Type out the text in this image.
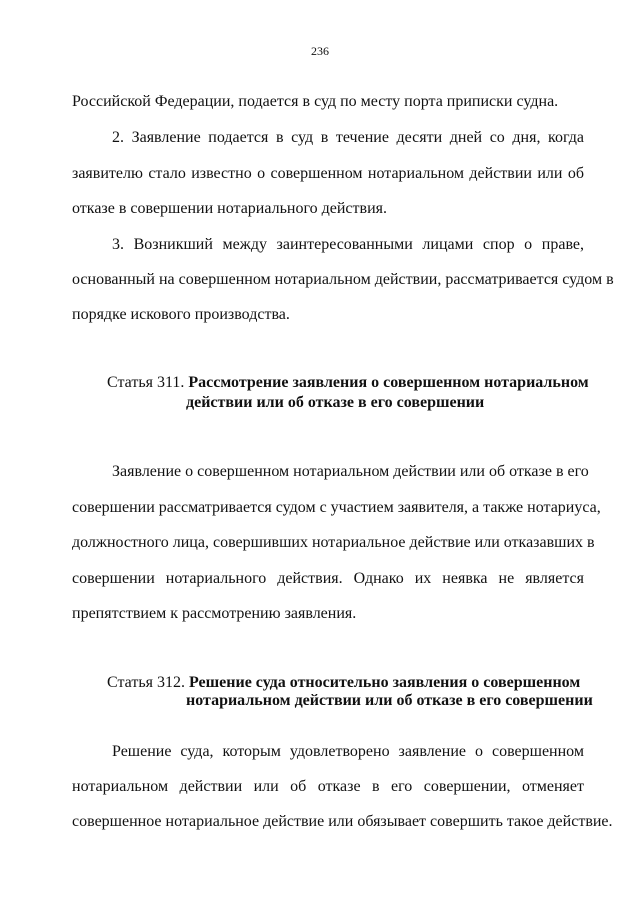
236
Российской Федерации, подается в суд по месту порта приписки судна.
2. Заявление подается в суд в течение десяти дней со дня, когда
заявителю стало известно о совершенном нотариальном действии или об
отказе в совершении нотариального действия.
3. Возникший между заинтересованными лицами спор о праве,
основанный на совершенном нотариальном действии, рассматривается судом в
порядке искового производства.
Статья 311. Рассмотрение заявления о совершенном нотариальном
действии или об отказе в его совершении
Заявление о совершенном нотариальном действии или об отказе в его
совершении рассматривается судом с участием заявителя, а также нотариуса,
должностного лица, совершивших нотариальное действие или отказавших в
совершении нотариального действия. Однако их неявка не является
препятствием к рассмотрению заявления.
Статья 312. Решение суда относительно заявления о совершенном
нотариальном действии или об отказе в его совершении
Решение суда, которым удовлетворено заявление о совершенном
нотариальном действии или об отказе в его совершении, отменяет
совершенное нотариальное действие или обязывает совершить такое действие.
